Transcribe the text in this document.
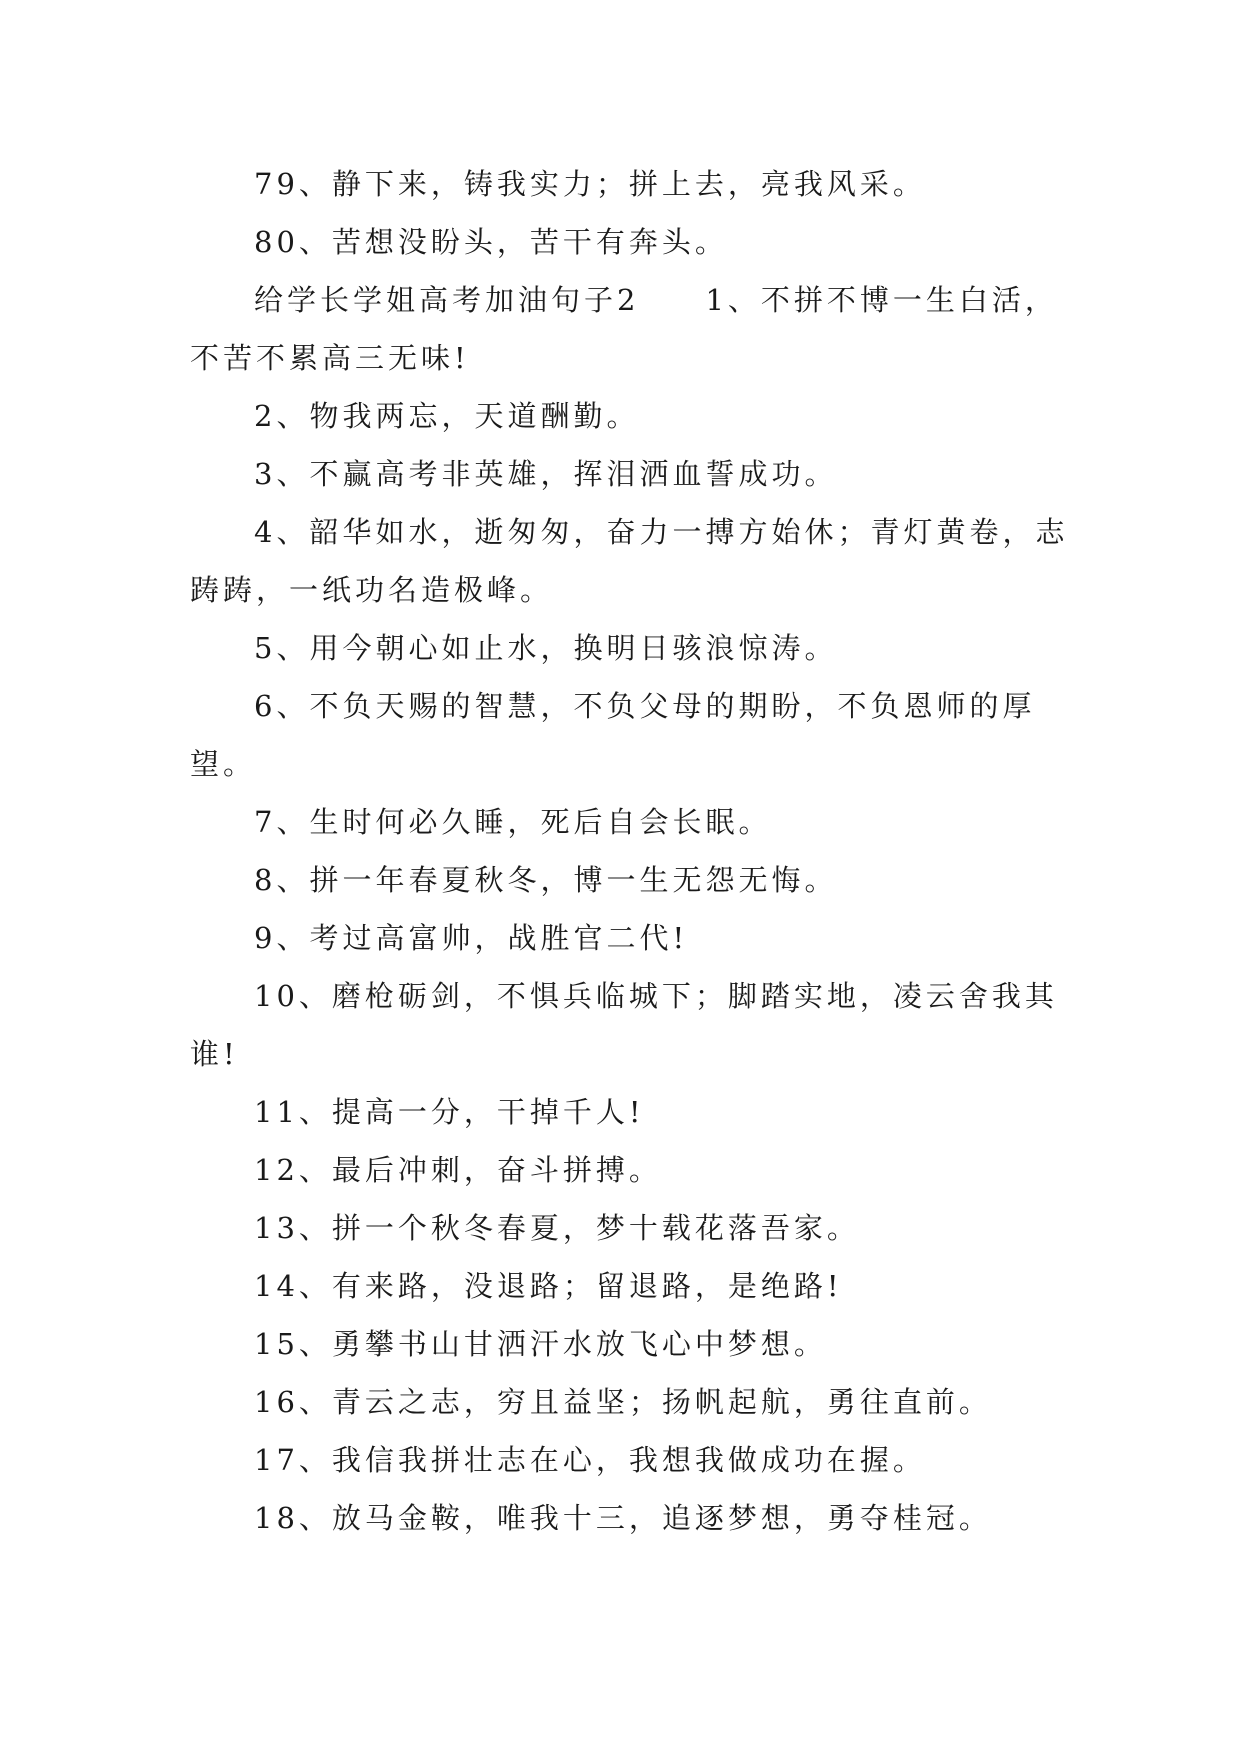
79、静下来，铸我实力；拼上去，亮我风采。

80、苦想没盼头，苦干有奔头。

给学长学姐高考加油句子2　　1、不拼不博一生白活，不苦不累高三无味!

2、物我两忘，天道酬勤。

3、不赢高考非英雄，挥泪洒血誓成功。

4、韶华如水，逝匆匆，奋力一搏方始休；青灯黄卷，志踌踌，一纸功名造极峰。

5、用今朝心如止水，换明日骇浪惊涛。

6、不负天赐的智慧，不负父母的期盼，不负恩师的厚望。

7、生时何必久睡，死后自会长眠。

8、拼一年春夏秋冬，博一生无怨无悔。

9、考过高富帅，战胜官二代!

10、磨枪砺剑，不惧兵临城下；脚踏实地，凌云舍我其谁!

11、提高一分，干掉千人!

12、最后冲刺，奋斗拼搏。

13、拼一个秋冬春夏，梦十载花落吾家。

14、有来路，没退路；留退路，是绝路!

15、勇攀书山甘洒汗水放飞心中梦想。

16、青云之志，穷且益坚；扬帆起航，勇往直前。

17、我信我拼壮志在心，我想我做成功在握。

18、放马金鞍，唯我十三，追逐梦想，勇夺桂冠。
